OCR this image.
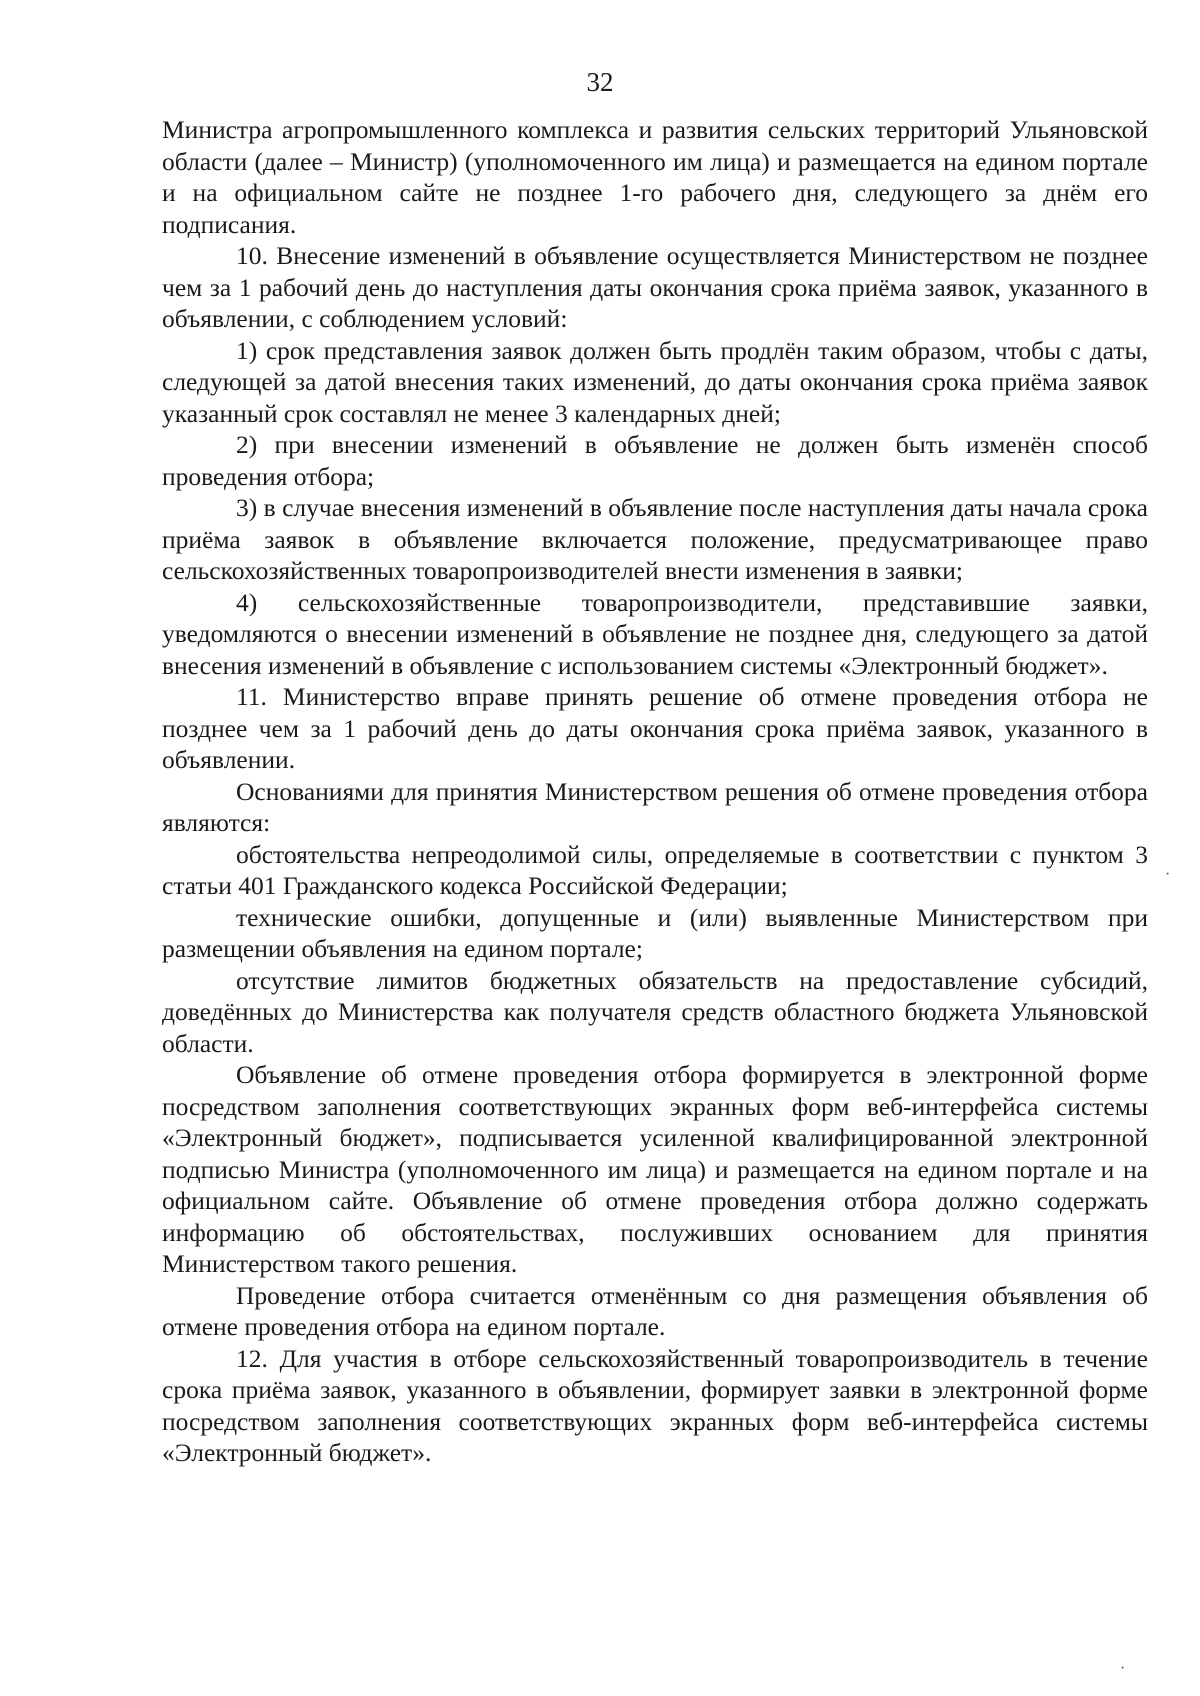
32

Министра агропромышленного комплекса и развития сельских территорий Ульяновской области (далее – Министр) (уполномоченного им лица) и размещается на едином портале и на официальном сайте не позднее 1-го рабочего дня, следующего за днём его подписания.

10. Внесение изменений в объявление осуществляется Министерством не позднее чем за 1 рабочий день до наступления даты окончания срока приёма заявок, указанного в объявлении, с соблюдением условий:

1) срок представления заявок должен быть продлён таким образом, чтобы с даты, следующей за датой внесения таких изменений, до даты окончания срока приёма заявок указанный срок составлял не менее 3 календарных дней;

2) при внесении изменений в объявление не должен быть изменён способ проведения отбора;

3) в случае внесения изменений в объявление после наступления даты начала срока приёма заявок в объявление включается положение, предусматривающее право сельскохозяйственных товаропроизводителей внести изменения в заявки;

4) сельскохозяйственные товаропроизводители, представившие заявки, уведомляются о внесении изменений в объявление не позднее дня, следующего за датой внесения изменений в объявление с использованием системы «Электронный бюджет».

11. Министерство вправе принять решение об отмене проведения отбора не позднее чем за 1 рабочий день до даты окончания срока приёма заявок, указанного в объявлении.

Основаниями для принятия Министерством решения об отмене проведения отбора являются:

обстоятельства непреодолимой силы, определяемые в соответствии с пунктом 3 статьи 401 Гражданского кодекса Российской Федерации;

технические ошибки, допущенные и (или) выявленные Министерством при размещении объявления на едином портале;

отсутствие лимитов бюджетных обязательств на предоставление субсидий, доведённых до Министерства как получателя средств областного бюджета Ульяновской области.

Объявление об отмене проведения отбора формируется в электронной форме посредством заполнения соответствующих экранных форм веб-интерфейса системы «Электронный бюджет», подписывается усиленной квалифицированной электронной подписью Министра (уполномоченного им лица) и размещается на едином портале и на официальном сайте. Объявление об отмене проведения отбора должно содержать информацию об обстоятельствах, послуживших основанием для принятия Министерством такого решения.

Проведение отбора считается отменённым со дня размещения объявления об отмене проведения отбора на едином портале.

12. Для участия в отборе сельскохозяйственный товаропроизводитель в течение срока приёма заявок, указанного в объявлении, формирует заявки в электронной форме посредством заполнения соответствующих экранных форм веб-интерфейса системы «Электронный бюджет».

·
·
